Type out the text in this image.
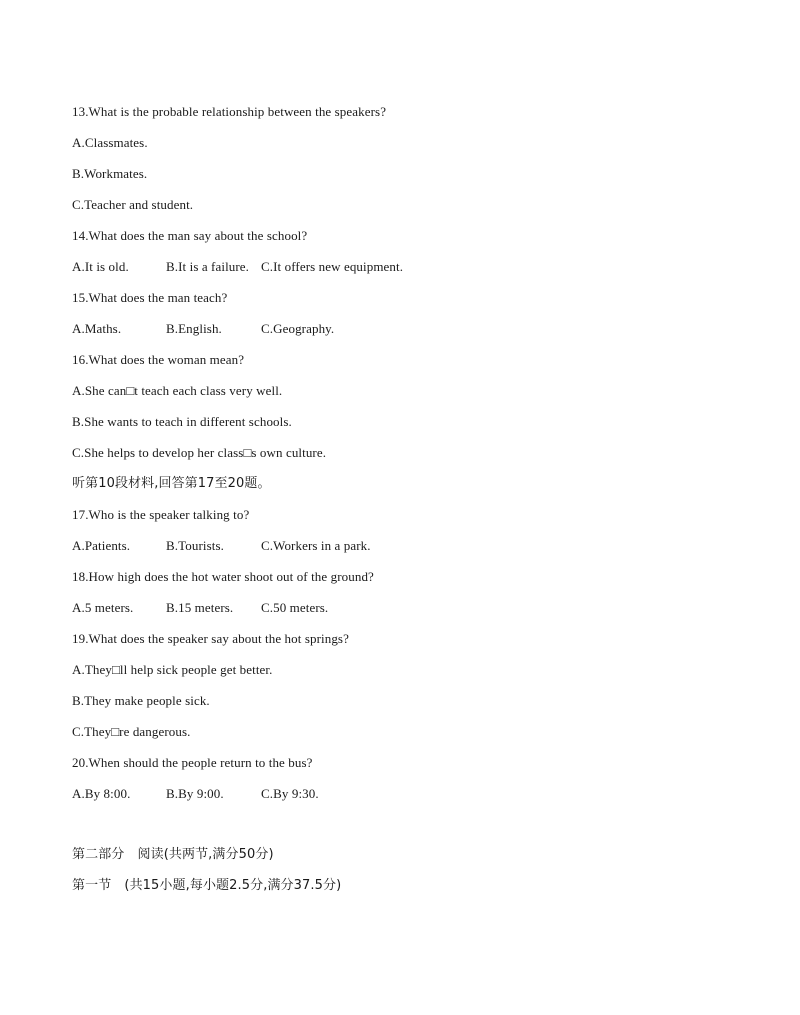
13.What is the probable relationship between the speakers?
A.Classmates.
B.Workmates.
C.Teacher and student.
14.What does the man say about the school?
A.It is old.	B.It is a failure. C.It offers new equipment.
15.What does the man teach?
A.Maths.	B.English.	C.Geography.
16.What does the woman mean?
A.She can□t teach each class very well.
B.She wants to teach in different schools.
C.She helps to develop her class□s own culture.
听第10段材料,回答第17至20题。
17.Who is the speaker talking to?
A.Patients.	B.Tourists.	C.Workers in a park.
18.How high does the hot water shoot out of the ground?
A.5 meters.	B.15 meters.	C.50 meters.
19.What does the speaker say about the hot springs?
A.They□ll help sick people get better.
B.They make people sick.
C.They□re dangerous.
20.When should the people return to the bus?
A.By 8:00.	B.By 9:00.	C.By 9:30.
第二部分　阅读(共两节,满分50分)
第一节　(共15小题,每小题2.5分,满分37.5分)
